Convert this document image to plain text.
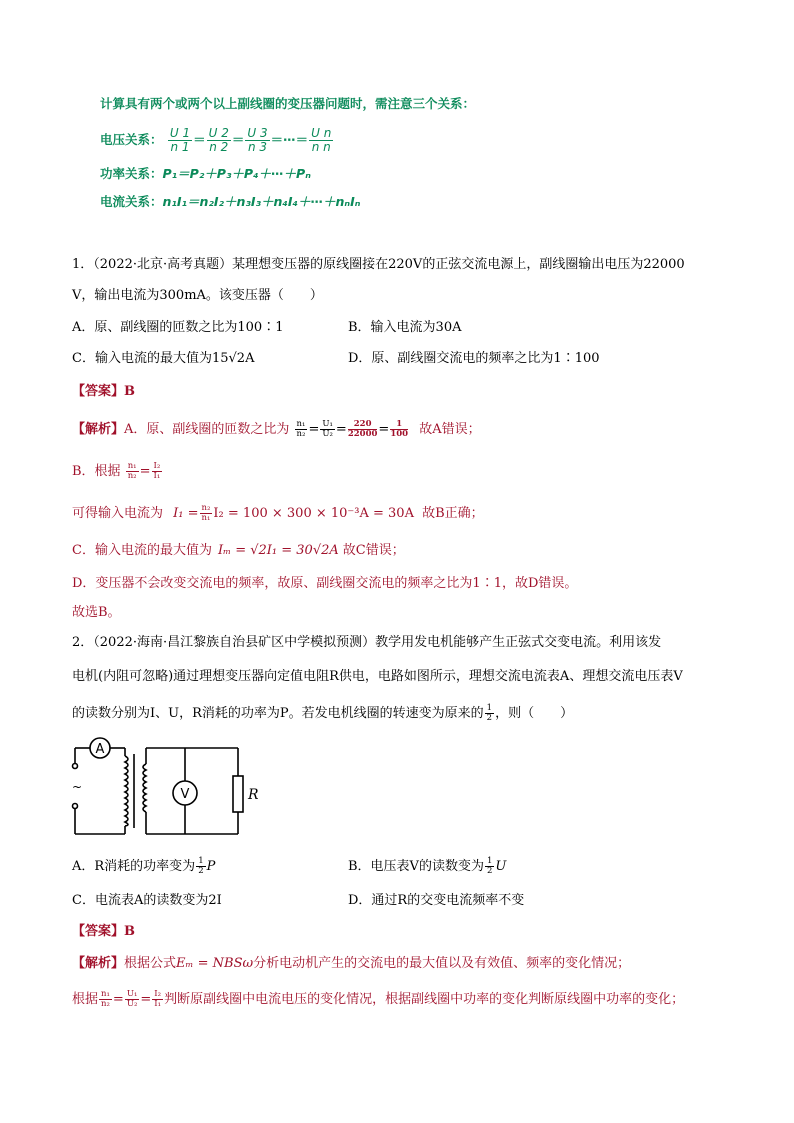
计算具有两个或两个以上副线圈的变压器问题时，需注意三个关系：
电压关系： $\frac{U 1}{n 1} = \frac{U 2}{n 2} = \frac{U 3}{n 3}$ ＝⋯＝ $\frac{\text{U n}}{\text{n n}}$
功率关系：P₁＝P₂＋P₃＋P₄＋⋯＋Pₙ
电流关系：n₁I₁＝n₂I₂＋n₃I₃＋n₄I₄＋⋯＋nₙIₙ
1．（2022·北京·高考真题）某理想变压器的原线圈接在220V的正弦交流电源上，副线圈输出电压为22000
V，输出电流为300mA。该变压器（　　）
A．原、副线圈的匝数之比为100∶1	B．输入电流为30A
C．输入电流的最大值为15√2A	D．原、副线圈交流电的频率之比为1∶100
【答案】B
【解析】A．原、副线圈的匝数之比为 $\frac{\text{n₁}}{\text{n₂}} = \frac{\text{U₁}}{\text{U₂}} = \frac{220}{22000} = \frac{1}{100}$ 故A错误；
B．根据 $\frac{\text{n₁}}{\text{n₂}} = \frac{\text{I₂}}{\text{I₁}}$
可得输入电流为 $I_1 = \frac{\text{n₂}}{\text{n₁}} I_2 = 100 \times 300 \times 10^{-3}A = 30A$ 故B正确；
C．输入电流的最大值为 Iₘ = √2I₁ = 30√2A 故C错误；
D．变压器不会改变交流电的频率，故原、副线圈交流电的频率之比为1∶1，故D错误。
故选B。
2．（2022·海南·昌江黎族自治县矿区中学模拟预测）教学用发电机能够产生正弦式交变电流。利用该发
电机(内阻可忽略)通过理想变压器向定值电阻R供电，电路如图所示，理想交流电流表A、理想交流电压表V
的读数分别为I、U，R消耗的功率为P。若发电机线圈的转速变为原来的 $\frac{1}{2}$ ，则（　　）
A
V	R
~
A．R消耗的功率变为 $\frac{1}{2}$ P	B．电压表V的读数变为 $\frac{1}{2}$ U
C．电流表A的读数变为2I	D．通过R的交变电流频率不变
【答案】B
【解析】根据公式Eₘ = NBSω分析电动机产生的交流电的最大值以及有效值、频率的变化情况；
根据 $\frac{\text{n₁}}{\text{n₂}} = \frac{\text{U₁}}{\text{U₂}} = \frac{\text{I₂}}{\text{I₁}}$ 判断原副线圈中电流电压的变化情况，根据副线圈中功率的变化判断原线圈中功率的变化；
